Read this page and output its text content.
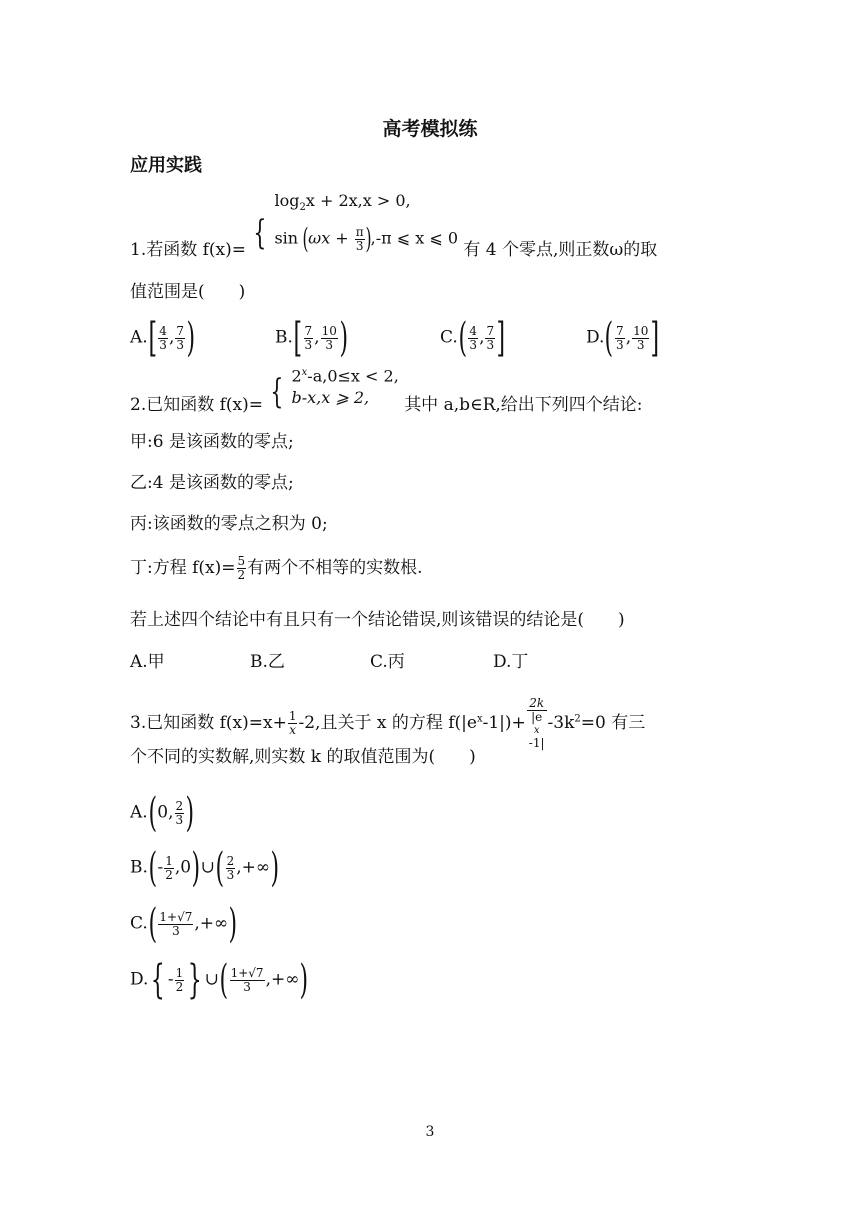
高考模拟练
应用实践
1.若函数 f(x)= {
$\log_2x + 2x,x > 0$,
$\sin (\omega x + \frac{\pi}{3} ),-\pi$ ⩽ x ⩽ 0
有 4 个零点,则正数ω的取
值范围是(　　)
$A.[ \frac{4}{3}$ , $\frac{7}{3}$ )	$B.[ \frac{7}{3}$ , $\frac{10}{3}$ )	$C.( \frac{4}{3}$ , $\frac{7}{3}$ ]	$D.( \frac{7}{3}$ , $\frac{10}{3}$ ]
2.已知函数 f(x)= { $2^x-a,0\le x < 2$,
b-x,x ⩾ 2,	其中 a,b∈R,给出下列四个结论:
甲:6 是该函数的零点;
乙:4 是该函数的零点;
丙:该函数的零点之积为 0;
丁:方程 $f(x)= \frac{5}{2}$ 有两个不相等的实数根.
若上述四个结论中有且只有一个结论错误,则该错误的结论是(　　)
A.甲	B.乙	C.丙	D.丁
3.已知函数 $f(x)=x+ \frac{1}{x} -2$,且关于 x 的方程 $f(|e^x-1|)+ 2k$
|e
x
-1| $-3k^2=0$ 有三
个不同的实数解,则实数 k 的取值范围为(　　)
A.(0, $\frac{2}{3}$ )
$B.(- \frac{1}{2}$ ,0)∪( $\frac{2}{3}$ ,+∞)
$C.( \frac{1+√7}{3}$ ,+∞)
$D.\{ - \frac{1}{2}$ } ∪( $\frac{1+√7}{3}$ ,+∞)
3
